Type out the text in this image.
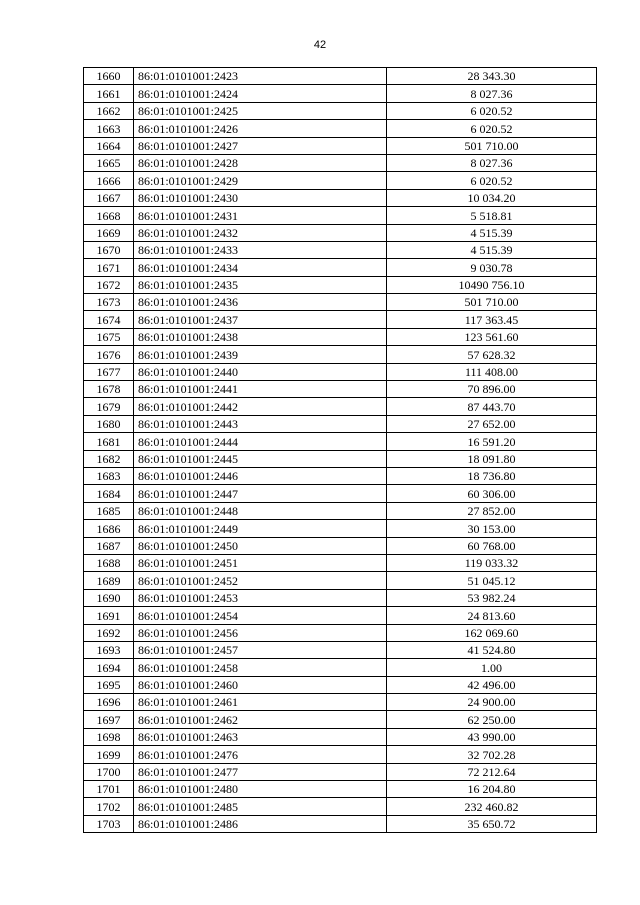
42
1660	86:01:0101001:2423	28 343.30
1661	86:01:0101001:2424	8 027.36
1662	86:01:0101001:2425	6 020.52
1663	86:01:0101001:2426	6 020.52
1664	86:01:0101001:2427	501 710.00
1665	86:01:0101001:2428	8 027.36
1666	86:01:0101001:2429	6 020.52
1667	86:01:0101001:2430	10 034.20
1668	86:01:0101001:2431	5 518.81
1669	86:01:0101001:2432	4 515.39
1670	86:01:0101001:2433	4 515.39
1671	86:01:0101001:2434	9 030.78
1672	86:01:0101001:2435	10490 756.10
1673	86:01:0101001:2436	501 710.00
1674	86:01:0101001:2437	117 363.45
1675	86:01:0101001:2438	123 561.60
1676	86:01:0101001:2439	57 628.32
1677	86:01:0101001:2440	111 408.00
1678	86:01:0101001:2441	70 896.00
1679	86:01:0101001:2442	87 443.70
1680	86:01:0101001:2443	27 652.00
1681	86:01:0101001:2444	16 591.20
1682	86:01:0101001:2445	18 091.80
1683	86:01:0101001:2446	18 736.80
1684	86:01:0101001:2447	60 306.00
1685	86:01:0101001:2448	27 852.00
1686	86:01:0101001:2449	30 153.00
1687	86:01:0101001:2450	60 768.00
1688	86:01:0101001:2451	119 033.32
1689	86:01:0101001:2452	51 045.12
1690	86:01:0101001:2453	53 982.24
1691	86:01:0101001:2454	24 813.60
1692	86:01:0101001:2456	162 069.60
1693	86:01:0101001:2457	41 524.80
1694	86:01:0101001:2458	1.00
1695	86:01:0101001:2460	42 496.00
1696	86:01:0101001:2461	24 900.00
1697	86:01:0101001:2462	62 250.00
1698	86:01:0101001:2463	43 990.00
1699	86:01:0101001:2476	32 702.28
1700	86:01:0101001:2477	72 212.64
1701	86:01:0101001:2480	16 204.80
1702	86:01:0101001:2485	232 460.82
1703	86:01:0101001:2486	35 650.72
